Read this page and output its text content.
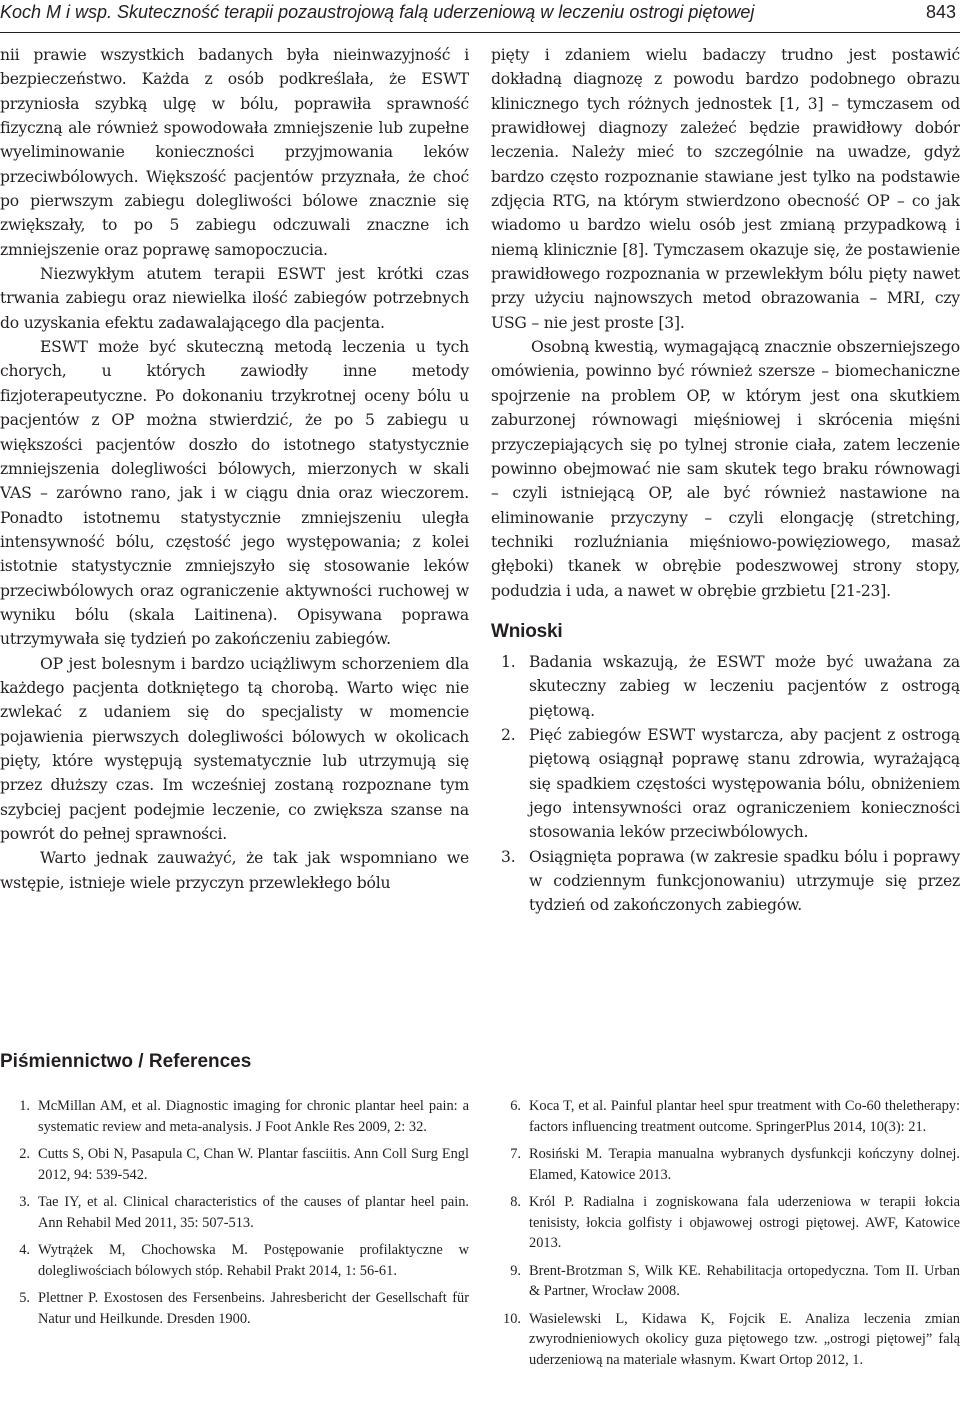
Koch M i wsp. Skuteczność terapii pozaustrojową falą uderzeniową w leczeniu ostrogi piętowej	843

nii prawie wszystkich badanych była nieinwazyjność i bezpieczeństwo. Każda z osób podkreślała, że ESWT przyniosła szybką ulgę w bólu, poprawiła sprawność fizyczną ale również spowodowała zmniejszenie lub zupełne wyeliminowanie konieczności przyjmowania leków przeciwbólowych. Większość pacjentów przyznała, że choć po pierwszym zabiegu dolegliwości bólowe znacznie się zwiększały, to po 5 zabiegu odczuwali znaczne ich zmniejszenie oraz poprawę samopoczucia.

Niezwykłym atutem terapii ESWT jest krótki czas trwania zabiegu oraz niewielka ilość zabiegów potrzebnych do uzyskania efektu zadawalającego dla pacjenta.

ESWT może być skuteczną metodą leczenia u tych chorych, u których zawiodły inne metody fizjoterapeutyczne. Po dokonaniu trzykrotnej oceny bólu u pacjentów z OP można stwierdzić, że po 5 zabiegu u większości pacjentów doszło do istotnego statystycznie zmniejszenia dolegliwości bólowych, mierzonych w skali VAS – zarówno rano, jak i w ciągu dnia oraz wieczorem. Ponadto istotnemu statystycznie zmniejszeniu uległa intensywność bólu, częstość jego występowania; z kolei istotnie statystycznie zmniejszyło się stosowanie leków przeciwbólowych oraz ograniczenie aktywności ruchowej w wyniku bólu (skala Laitinena). Opisywana poprawa utrzymywała się tydzień po zakończeniu zabiegów.

OP jest bolesnym i bardzo uciążliwym schorzeniem dla każdego pacjenta dotkniętego tą chorobą. Warto więc nie zwlekać z udaniem się do specjalisty w momencie pojawienia pierwszych dolegliwości bólowych w okolicach pięty, które występują systematycznie lub utrzymują się przez dłuższy czas. Im wcześniej zostaną rozpoznane tym szybciej pacjent podejmie leczenie, co zwiększa szanse na powrót do pełnej sprawności.

Warto jednak zauważyć, że tak jak wspomniano we wstępie, istnieje wiele przyczyn przewlekłego bólu

pięty i zdaniem wielu badaczy trudno jest postawić dokładną diagnozę z powodu bardzo podobnego obrazu klinicznego tych różnych jednostek [1, 3] – tymczasem od prawidłowej diagnozy zależeć będzie prawidłowy dobór leczenia. Należy mieć to szczególnie na uwadze, gdyż bardzo często rozpoznanie stawiane jest tylko na podstawie zdjęcia RTG, na którym stwierdzono obecność OP – co jak wiadomo u bardzo wielu osób jest zmianą przypadkową i niemą klinicznie [8]. Tymczasem okazuje się, że postawienie prawidłowego rozpoznania w przewlekłym bólu pięty nawet przy użyciu najnowszych metod obrazowania – MRI, czy USG – nie jest proste [3].

Osobną kwestią, wymagającą znacznie obszerniejszego omówienia, powinno być również szersze – biomechaniczne spojrzenie na problem OP, w którym jest ona skutkiem zaburzonej równowagi mięśniowej i skrócenia mięśni przyczepiających się po tylnej stronie ciała, zatem leczenie powinno obejmować nie sam skutek tego braku równowagi – czyli istniejącą OP, ale być również nastawione na eliminowanie przyczyny – czyli elongację (stretching, techniki rozluźniania mięśniowo-powięziowego, masaż głęboki) tkanek w obrębie podeszwowej strony stopy, podudzia i uda, a nawet w obrębie grzbietu [21-23].

Wnioski
1. Badania wskazują, że ESWT może być uważana za skuteczny zabieg w leczeniu pacjentów z ostrogą piętową.
2. Pięć zabiegów ESWT wystarcza, aby pacjent z ostrogą piętową osiągnął poprawę stanu zdrowia, wyrażającą się spadkiem częstości występowania bólu, obniżeniem jego intensywności oraz ograniczeniem konieczności stosowania leków przeciwbólowych.
3. Osiągnięta poprawa (w zakresie spadku bólu i poprawy w codziennym funkcjonowaniu) utrzymuje się przez tydzień od zakończonych zabiegów.
Piśmiennictwo / References
1. McMillan AM, et al. Diagnostic imaging for chronic plantar heel pain: a systematic review and meta-analysis. J Foot Ankle Res 2009, 2: 32.
2. Cutts S, Obi N, Pasapula C, Chan W. Plantar fasciitis. Ann Coll Surg Engl 2012, 94: 539-542.
3. Tae IY, et al. Clinical characteristics of the causes of plantar heel pain. Ann Rehabil Med 2011, 35: 507-513.
4. Wytrążek M, Chochowska M. Postępowanie profilaktyczne w dolegliwościach bólowych stóp. Rehabil Prakt 2014, 1: 56-61.
5. Plettner P. Exostosen des Fersenbeins. Jahresbericht der Gesellschaft für Natur und Heilkunde. Dresden 1900.
6. Koca T, et al. Painful plantar heel spur treatment with Co-60 theletherapy: factors influencing treatment outcome. SpringerPlus 2014, 10(3): 21.
7. Rosiński M. Terapia manualna wybranych dysfunkcji kończyny dolnej. Elamed, Katowice 2013.
8. Król P. Radialna i zogniskowana fala uderzeniowa w terapii łokcia tenisisty, łokcia golfisty i objawowej ostrogi piętowej. AWF, Katowice 2013.
9. Brent-Brotzman S, Wilk KE. Rehabilitacja ortopedyczna. Tom II. Urban & Partner, Wrocław 2008.
10. Wasielewski L, Kidawa K, Fojcik E. Analiza leczenia zmian zwyrodnieniowych okolicy guza piętowego tzw. „ostrogi piętowej” falą uderzeniową na materiale własnym. Kwart Ortop 2012, 1.
